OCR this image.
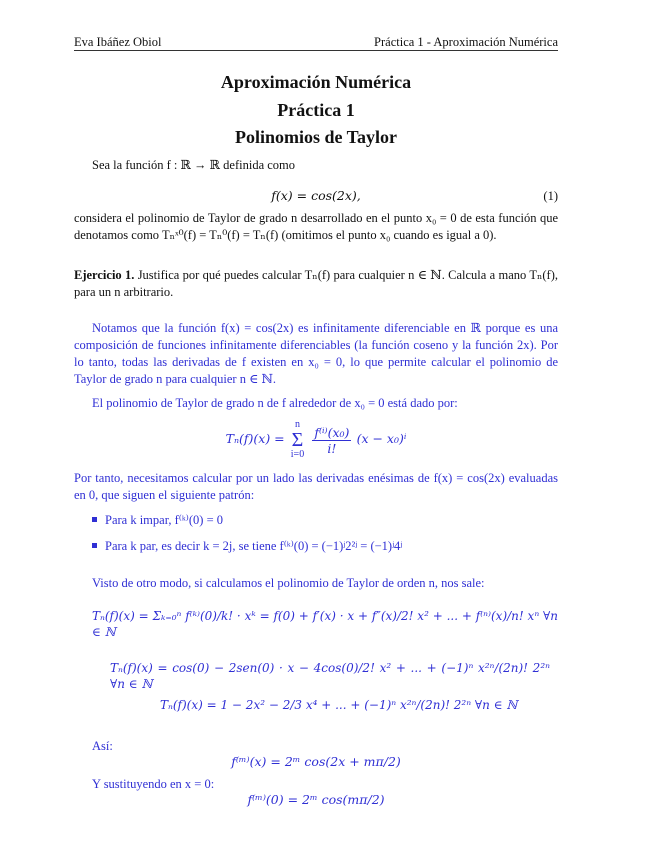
Eva Ibáñez Obiol	Práctica 1 - Aproximación Numérica
Aproximación Numérica
Práctica 1
Polinomios de Taylor
Sea la función f : ℝ → ℝ definida como
f(x) = cos(2x),	(1)
considera el polinomio de Taylor de grado n desarrollado en el punto x₀ = 0 de esta función que denotamos como Tₙˣ⁰(f) = Tₙ⁰(f) = Tₙ(f) (omitimos el punto x₀ cuando es igual a 0).
Ejercicio 1. Justifica por qué puedes calcular Tₙ(f) para cualquier n ∈ ℕ. Calcula a mano Tₙ(f), para un n arbitrario.
Notamos que la función f(x) = cos(2x) es infinitamente diferenciable en ℝ porque es una composición de funciones infinitamente diferenciables (la función coseno y la función 2x). Por lo tanto, todas las derivadas de f existen en x₀ = 0, lo que permite calcular el polinomio de Taylor de grado n para cualquier n ∈ ℕ.
El polinomio de Taylor de grado n de f alrededor de x₀ = 0 está dado por:
Tₙ(f)(x) = n
Σ
$i=0 \frac{\text{f⁽ⁱ⁾(x₀)}}{i!} (x - x_0)^i$
Por tanto, necesitamos calcular por un lado las derivadas enésimas de f(x) = cos(2x) evaluadas en 0, que siguen el siguiente patrón:
Para k impar, f⁽ᵏ⁾(0) = 0
Para k par, es decir k = 2j, se tiene f⁽ᵏ⁾(0) = (−1)ʲ2²ʲ = (−1)ʲ4ʲ
Visto de otro modo, si calculamos el polinomio de Taylor de orden n, nos sale:
Tₙ(f)(x) = Σₖ₌₀ⁿ f⁽ᵏ⁾(0)/k! · xᵏ = f(0) + f′(x) · x + f″(x)/2! x² + ... + f⁽ⁿ⁾(x)/n! xⁿ ∀n ∈ ℕ
Tₙ(f)(x) = cos(0) − 2sen(0) · x − 4cos(0)/2! x² + ... + (−1)ⁿ x²ⁿ/(2n)! 2²ⁿ ∀n ∈ ℕ
Tₙ(f)(x) = 1 − 2x² − 2/3 x⁴ + ... + (−1)ⁿ x²ⁿ/(2n)! 2²ⁿ ∀n ∈ ℕ
Así:
f⁽ᵐ⁾(x) = 2ᵐ cos(2x + mπ/2)
Y sustituyendo en x = 0:
f⁽ᵐ⁾(0) = 2ᵐ cos(mπ/2)
